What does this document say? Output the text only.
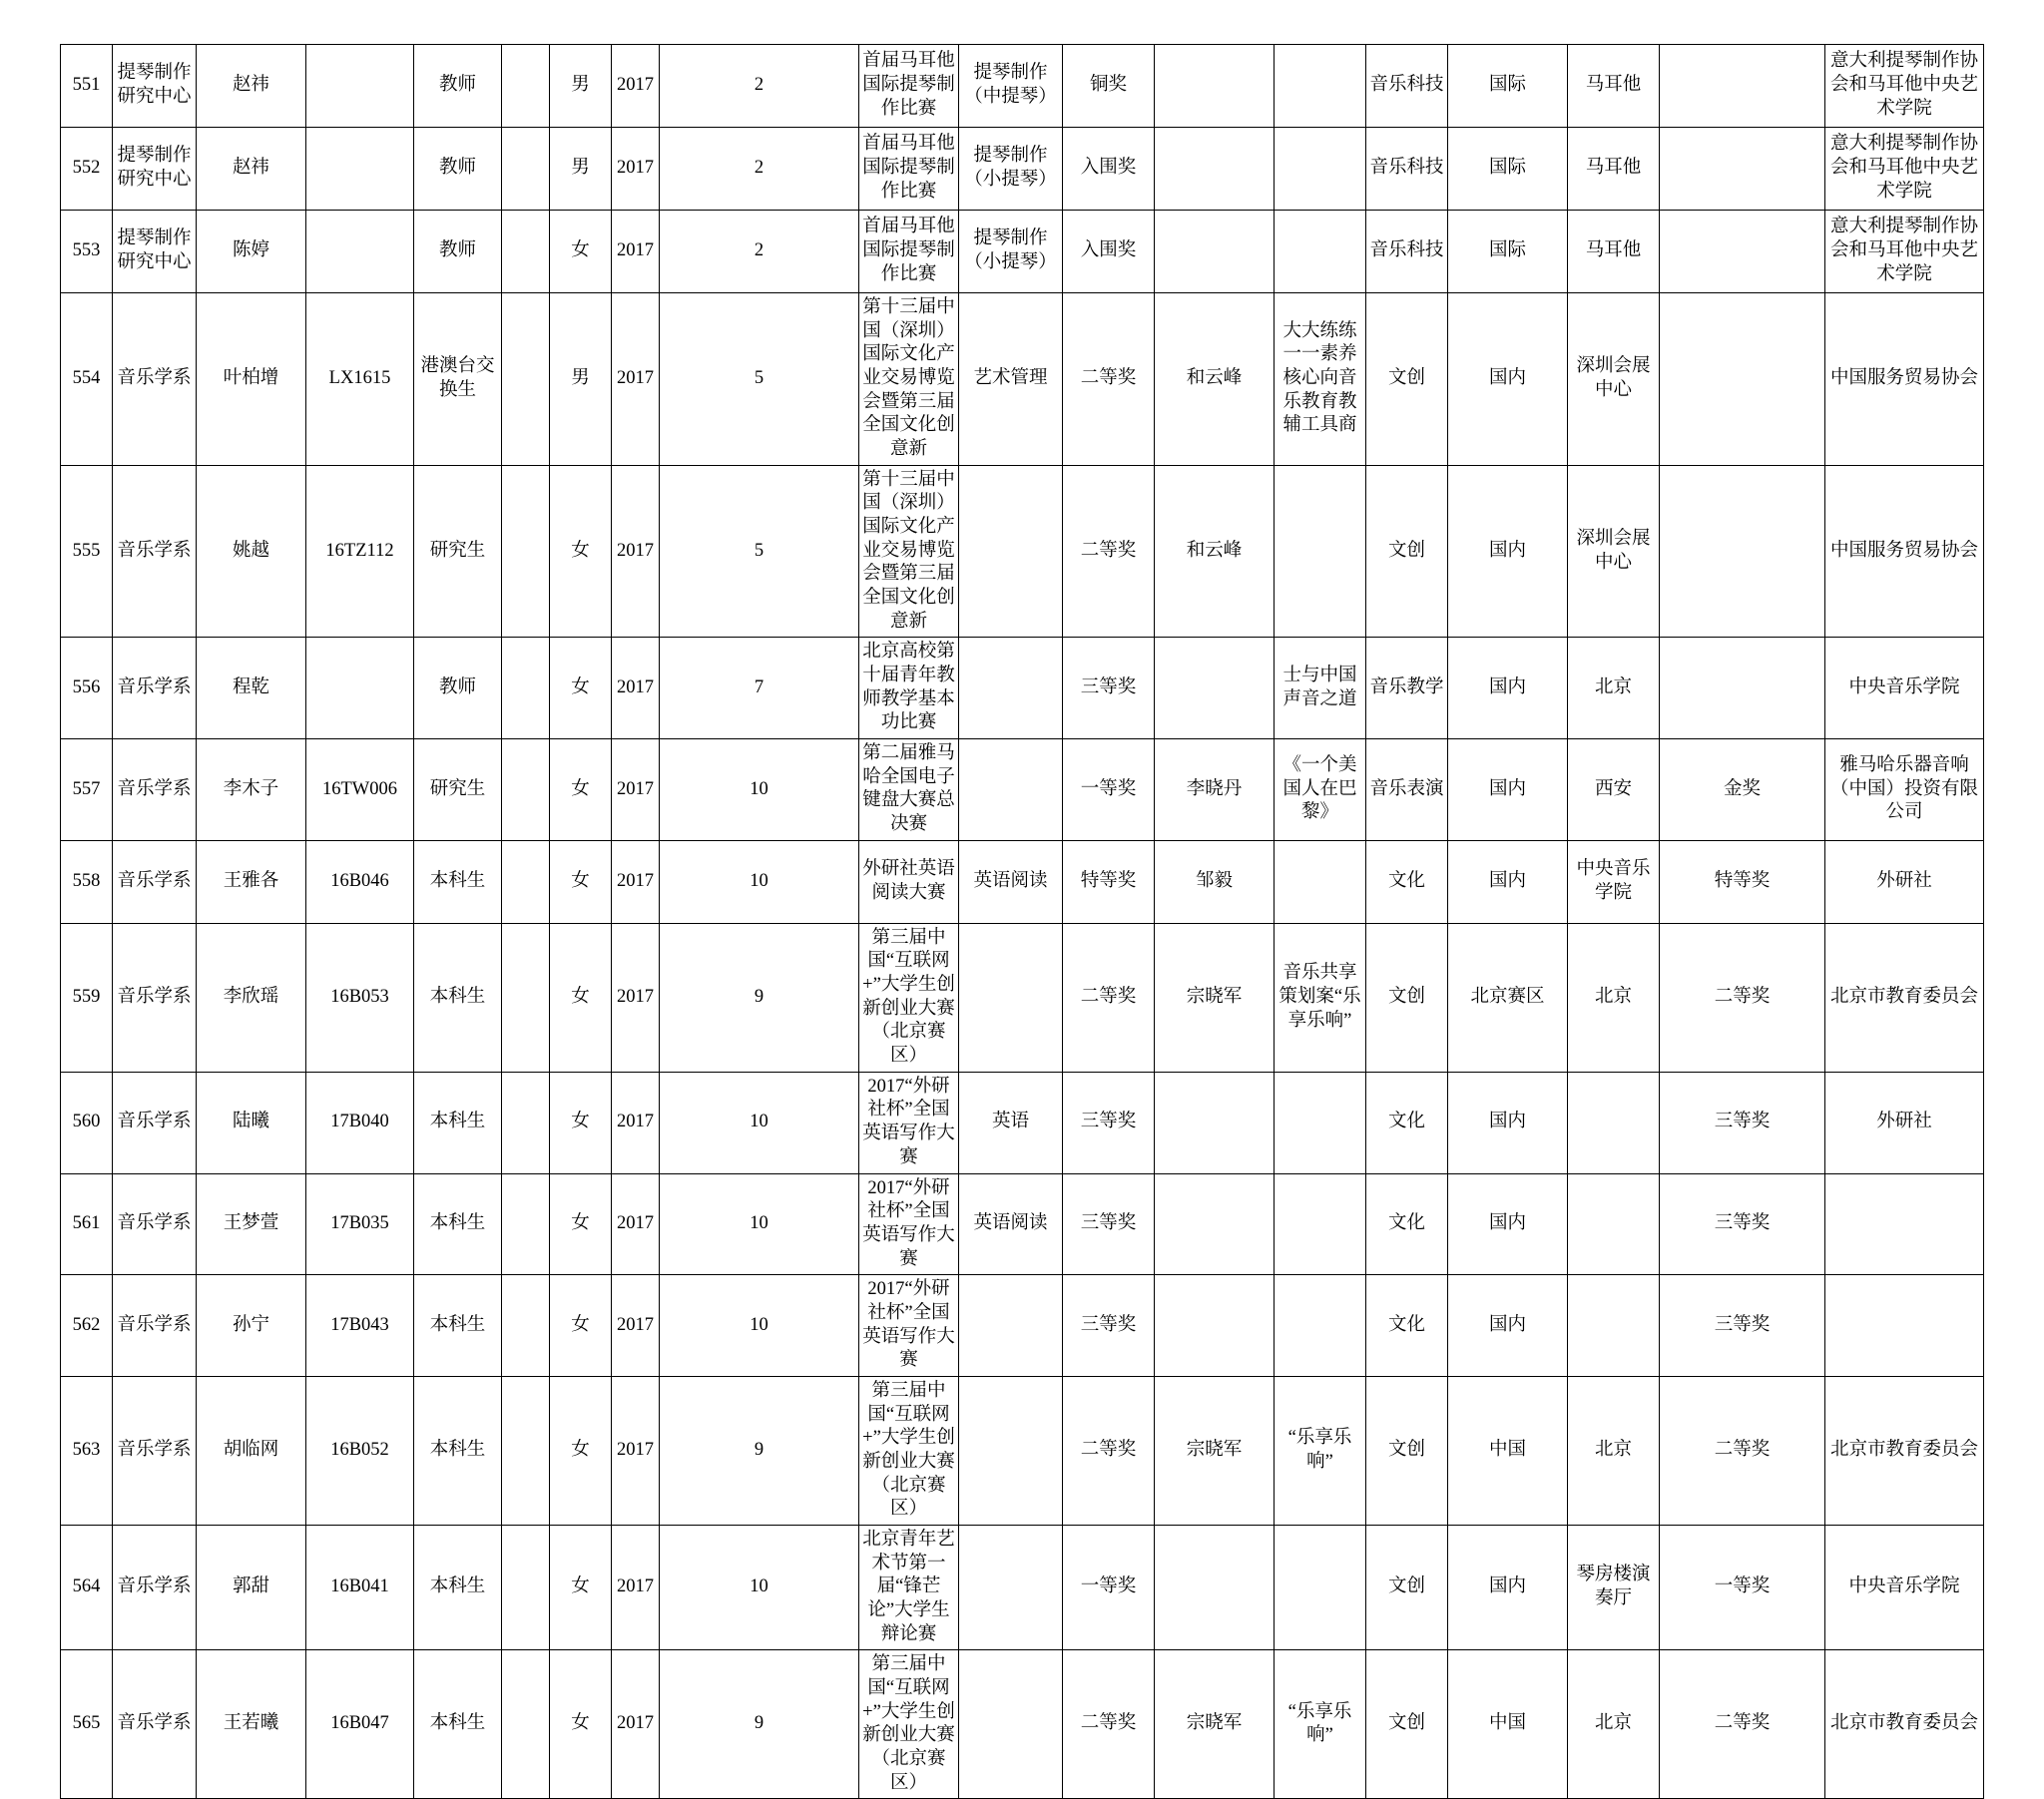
551	提琴制作研究中心	赵祎		教师		男	2017	2	首届马耳他国际提琴制作比赛	提琴制作（中提琴）	铜奖			音乐科技	国际	马耳他		意大利提琴制作协会和马耳他中央艺术学院
552	提琴制作研究中心	赵祎		教师		男	2017	2	首届马耳他国际提琴制作比赛	提琴制作（小提琴）	入围奖			音乐科技	国际	马耳他		意大利提琴制作协会和马耳他中央艺术学院
553	提琴制作研究中心	陈婷		教师		女	2017	2	首届马耳他国际提琴制作比赛	提琴制作（小提琴）	入围奖			音乐科技	国际	马耳他		意大利提琴制作协会和马耳他中央艺术学院
554	音乐学系	叶柏增	LX1615	港澳台交换生		男	2017	5	第十三届中国（深圳）国际文化产业交易博览会暨第三届全国文化创意新	艺术管理	二等奖	和云峰	大大练练一一素养核心向音乐教育教辅工具商	文创	国内	深圳会展中心		中国服务贸易协会
555	音乐学系	姚越	16TZ112	研究生		女	2017	5	第十三届中国（深圳）国际文化产业交易博览会暨第三届全国文化创意新		二等奖	和云峰		文创	国内	深圳会展中心		中国服务贸易协会
556	音乐学系	程乾		教师		女	2017	7	北京高校第十届青年教师教学基本功比赛		三等奖		士与中国声音之道	音乐教学	国内	北京		中央音乐学院
557	音乐学系	李木子	16TW006	研究生		女	2017	10	第二届雅马哈全国电子键盘大赛总决赛		一等奖	李晓丹	《一个美国人在巴黎》	音乐表演	国内	西安	金奖	雅马哈乐器音响（中国）投资有限公司
558	音乐学系	王雅各	16B046	本科生		女	2017	10	外研社英语阅读大赛	英语阅读	特等奖	邹毅		文化	国内	中央音乐学院	特等奖	外研社
559	音乐学系	李欣瑶	16B053	本科生		女	2017	9	第三届中国“互联网+”大学生创新创业大赛（北京赛区）		二等奖	宗晓军	音乐共享策划案“乐享乐响”	文创	北京赛区	北京	二等奖	北京市教育委员会
560	音乐学系	陆曦	17B040	本科生		女	2017	10	2017“外研社杯”全国英语写作大赛	英语	三等奖			文化	国内		三等奖	外研社
561	音乐学系	王梦萱	17B035	本科生		女	2017	10	2017“外研社杯”全国英语写作大赛	英语阅读	三等奖			文化	国内		三等奖	
562	音乐学系	孙宁	17B043	本科生		女	2017	10	2017“外研社杯”全国英语写作大赛		三等奖			文化	国内		三等奖	
563	音乐学系	胡临网	16B052	本科生		女	2017	9	第三届中国“互联网+”大学生创新创业大赛（北京赛区）		二等奖	宗晓军	“乐享乐响”	文创	中国	北京	二等奖	北京市教育委员会
564	音乐学系	郭甜	16B041	本科生		女	2017	10	北京青年艺术节第一届“锋芒论”大学生辩论赛		一等奖			文创	国内	琴房楼演奏厅	一等奖	中央音乐学院
565	音乐学系	王若曦	16B047	本科生		女	2017	9	第三届中国“互联网+”大学生创新创业大赛（北京赛区）		二等奖	宗晓军	“乐享乐响”	文创	中国	北京	二等奖	北京市教育委员会
